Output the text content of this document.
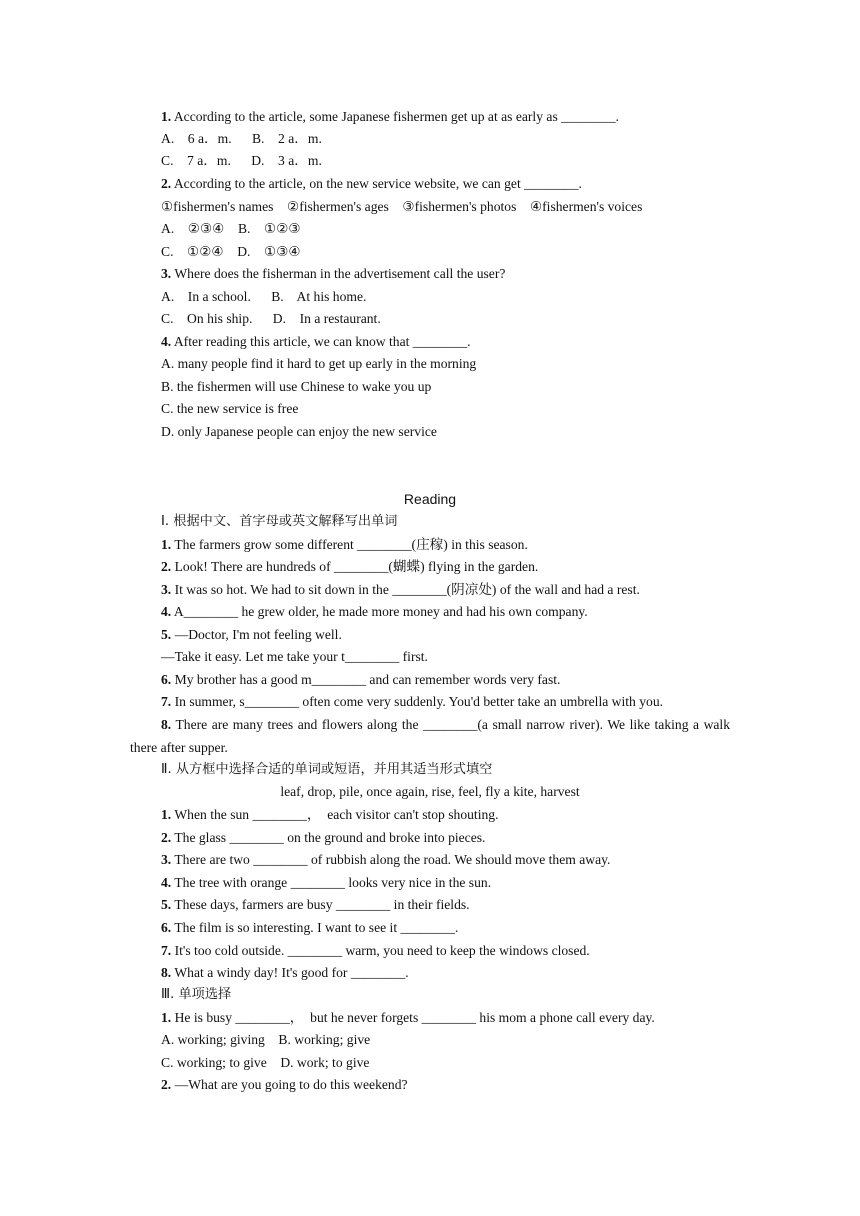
1. According to the article, some Japanese fishermen get up at as early as ________.
A.    6 a．m.      B.    2 a．m.
C.    7 a．m.      D.    3 a．m.
2. According to the article, on the new service website, we can get ________.
①fishermen's names    ②fishermen's ages    ③fishermen's photos    ④fishermen's voices
A.    ②③④    B.    ①②③
C.    ①②④    D.    ①③④
3. Where does the fisherman in the advertisement call the user?
A.    In a school.      B.    At his home.
C.    On his ship.      D.    In a restaurant.
4. After reading this article, we can know that ________.
A. many people find it hard to get up early in the morning
B. the fishermen will use Chinese to wake you up
C. the new service is free
D. only Japanese people can enjoy the new service
Reading
Ⅰ. 根据中文、首字母或英文解释写出单词
1. The farmers grow some different ________(庄稼) in this season.
2. Look! There are hundreds of ________(蝴蝶) flying in the garden.
3. It was so hot. We had to sit down in the ________(阴凉处) of the wall and had a rest.
4. A________ he grew older, he made more money and had his own company.
5. —Doctor, I'm not feeling well.
—Take it easy. Let me take your t________ first.
6. My brother has a good m________ and can remember words very fast.
7. In summer, s________ often come very suddenly. You'd better take an umbrella with you.
8. There are many trees and flowers along the ________(a small narrow river). We like taking a walk there after supper.
Ⅱ. 从方框中选择合适的单词或短语，并用其适当形式填空
leaf, drop, pile, once again, rise, feel, fly a kite, harvest
1. When the sun ________，  each visitor can't stop shouting.
2. The glass ________ on the ground and broke into pieces.
3. There are two ________ of rubbish along the road. We should move them away.
4. The tree with orange ________ looks very nice in the sun.
5. These days, farmers are busy ________ in their fields.
6. The film is so interesting. I want to see it ________.
7. It's too cold outside. ________ warm, you need to keep the windows closed.
8. What a windy day! It's good for ________.
Ⅲ. 单项选择
1. He is busy ________，  but he never forgets ________ his mom a phone call every day.
A. working; giving    B. working; give
C. working; to give    D. work; to give
2. —What are you going to do this weekend?
